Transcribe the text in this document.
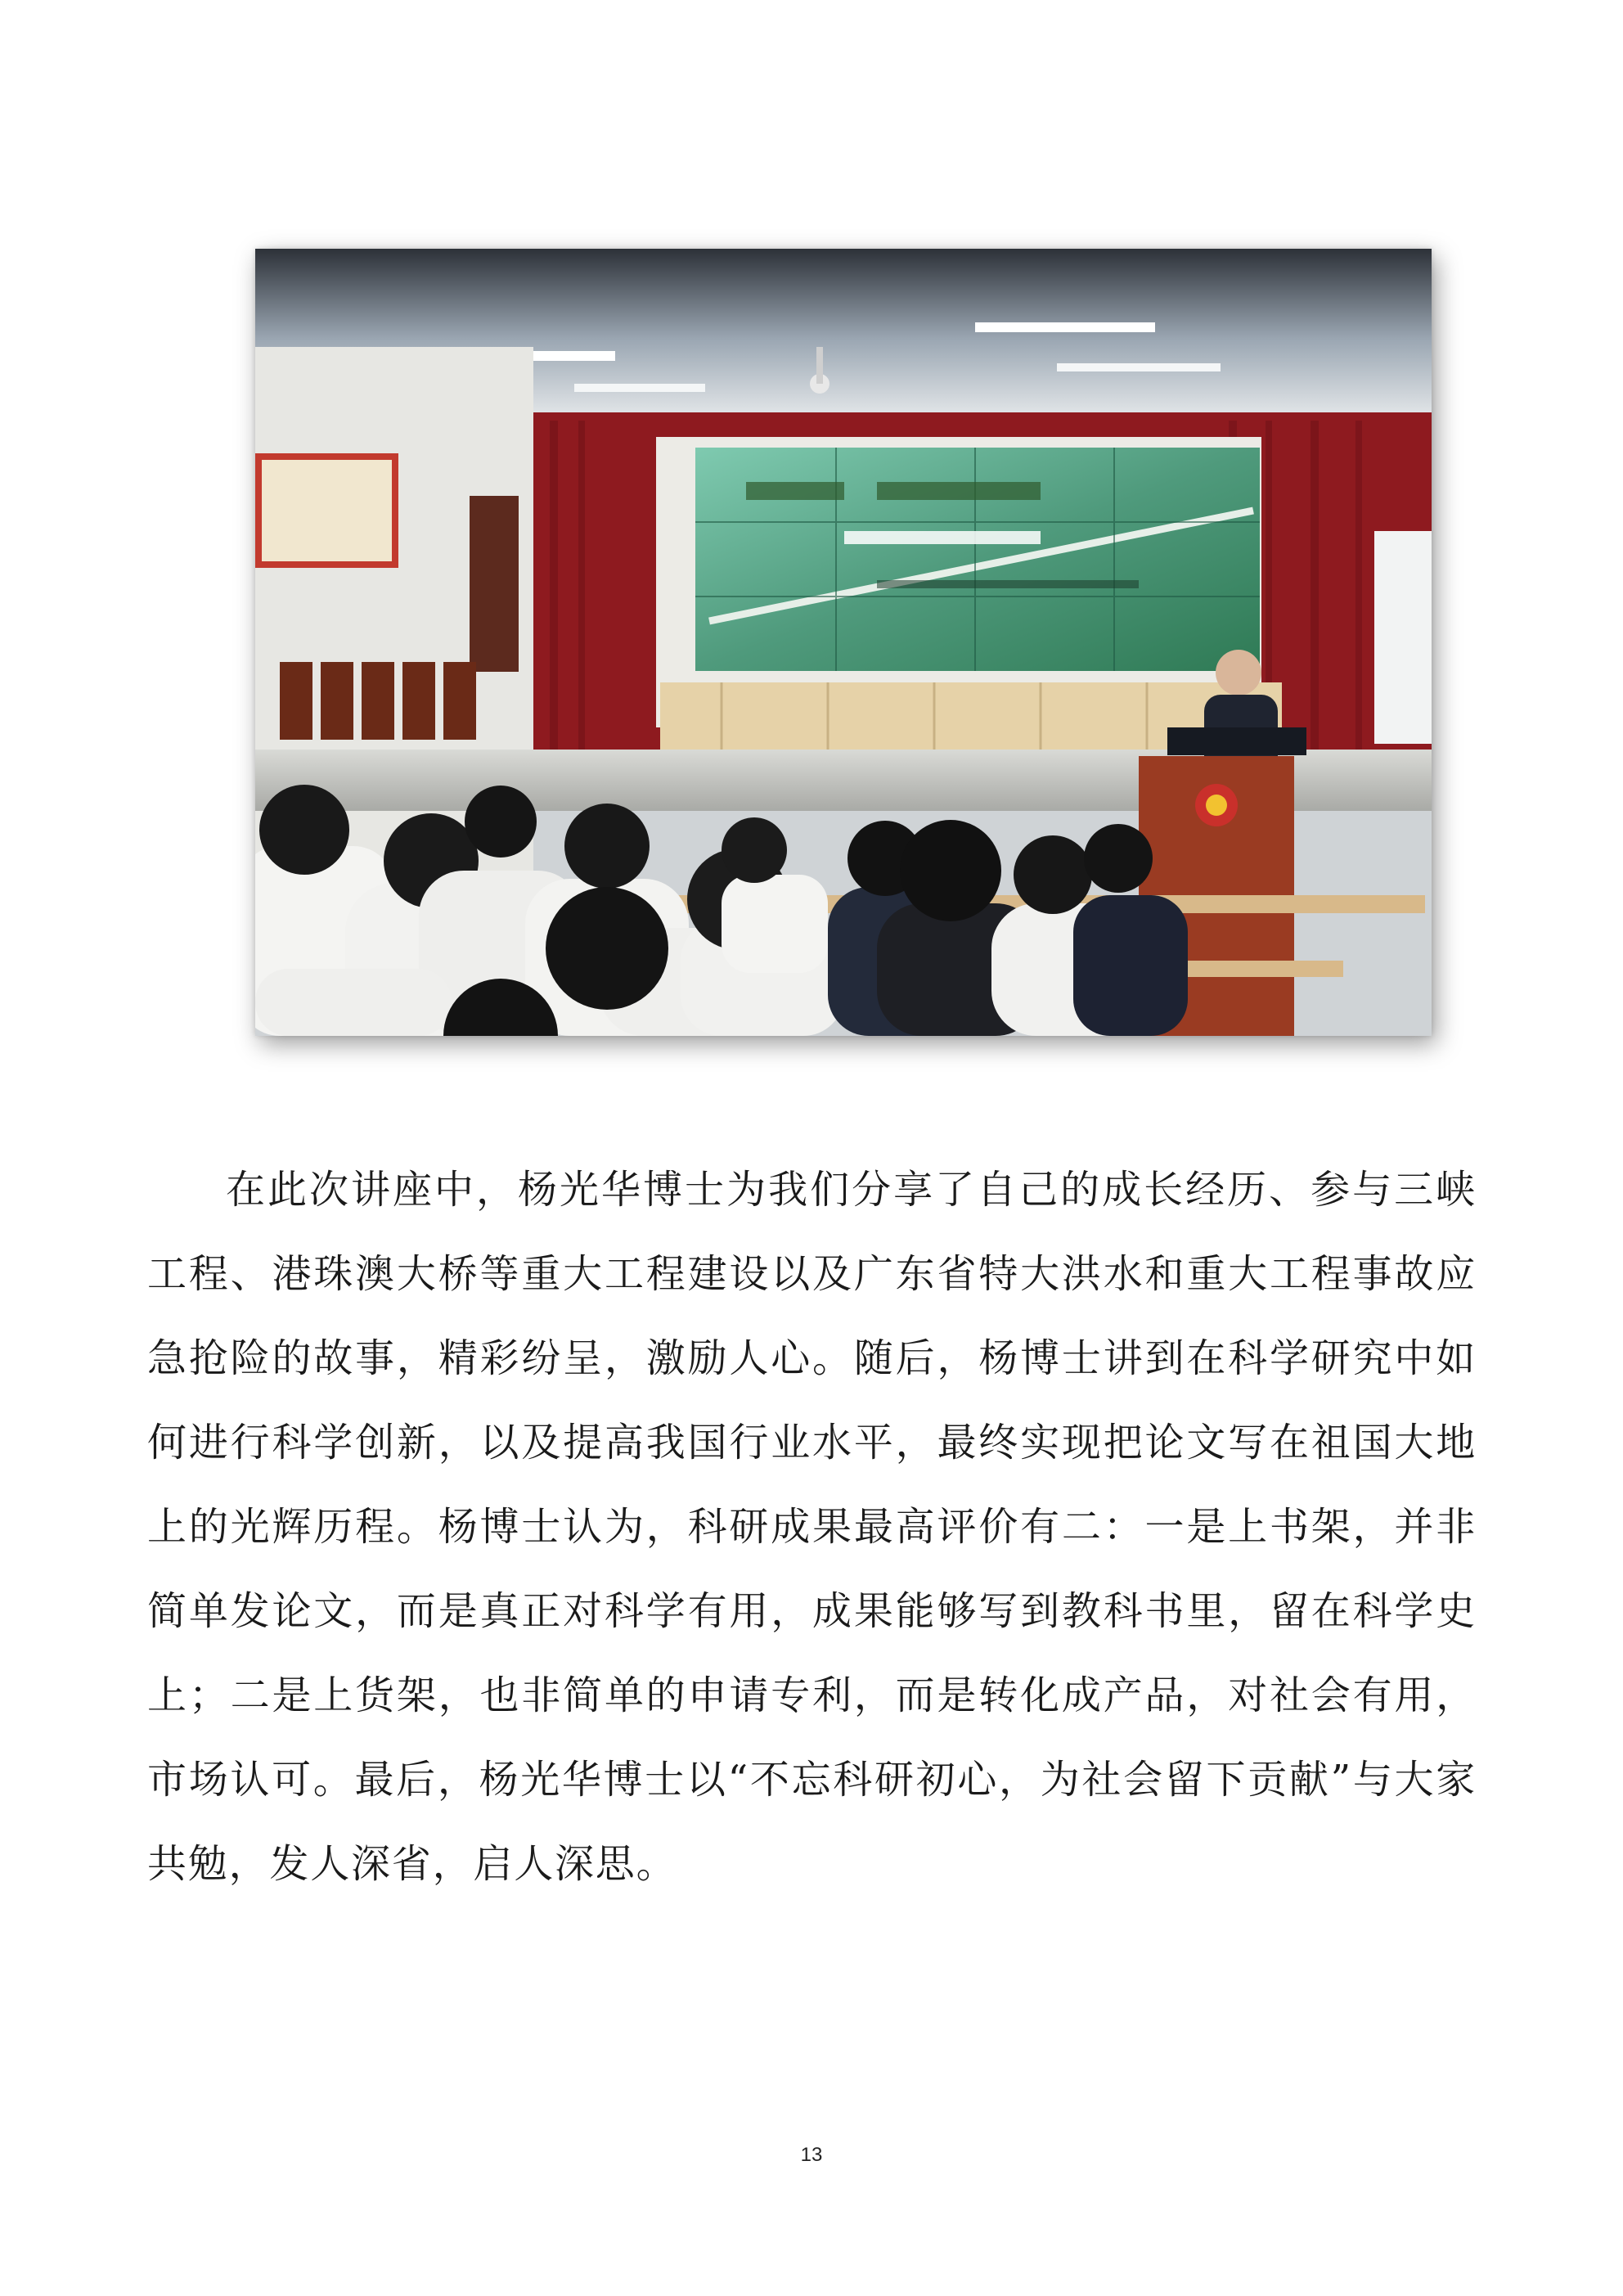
在此次讲座中，杨光华博士为我们分享了自己的成长经历、参与三峡工程、港珠澳大桥等重大工程建设以及广东省特大洪水和重大工程事故应急抢险的故事，精彩纷呈，激励人心。随后，杨博士讲到在科学研究中如何进行科学创新，以及提高我国行业水平，最终实现把论文写在祖国大地上的光辉历程。杨博士认为，科研成果最高评价有二：一是上书架，并非简单发论文，而是真正对科学有用，成果能够写到教科书里，留在科学史上；二是上货架，也非简单的申请专利，而是转化成产品，对社会有用，市场认可。最后，杨光华博士以“不忘科研初心，为社会留下贡献”与大家共勉，发人深省，启人深思。

13
